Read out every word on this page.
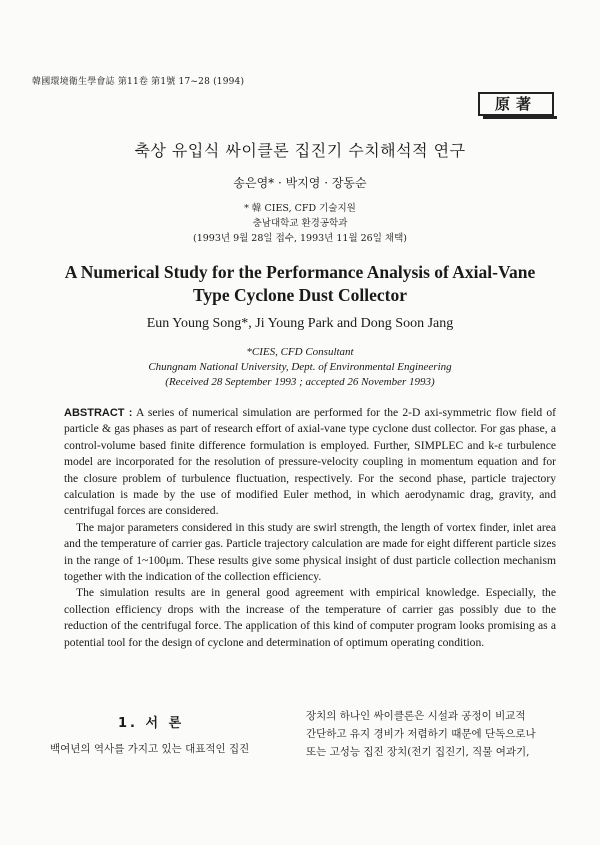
韓國環境衛生學會誌 第11卷 第1號 17~28 (1994)
原著
축상 유입식 싸이클론 집진기 수치해석적 연구
송은영* · 박지영 · 장동순
* 韓 CIES, CFD 기술지원
충남대학교 환경공학과
(1993년 9월 28일 접수, 1993년 11월 26일 채택)
A Numerical Study for the Performance Analysis of Axial-Vane
Type Cyclone Dust Collector
Eun Young Song*, Ji Young Park and Dong Soon Jang
*CIES, CFD Consultant
Chungnam National University, Dept. of Environmental Engineering
(Received 28 September 1993 ; accepted 26 November 1993)

ABSTRACT : A series of numerical simulation are performed for the 2-D axi-symmetric flow field of particle & gas phases as part of research effort of axial-vane type cyclone dust collector. For gas phase, a control-volume based finite difference formulation is employed. Further, SIMPLEC and k-ε turbulence model are incorporated for the resolution of pressure-velocity coupling in momentum equation and for the closure problem of turbulence fluctuation, respectively. For the second phase, particle trajectory calculation is made by the use of modified Euler method, in which aerodynamic drag, gravity, and centrifugal forces are considered.

The major parameters considered in this study are swirl strength, the length of vortex finder, inlet area and the temperature of carrier gas. Particle trajectory calculation are made for eight different particle sizes in the range of 1~100μm. These results give some physical insight of dust particle collection mechanism together with the indication of the collection efficiency.

The simulation results are in general good agreement with empirical knowledge. Especially, the collection efficiency drops with the increase of the temperature of carrier gas possibly due to the reduction of the centrifugal force. The application of this kind of computer program looks promising as a potential tool for the design of cyclone and determination of optimum operating condition.

1. 서 론
백여년의 역사를 가지고 있는 대표적인 집진
장치의 하나인 싸이클론은 시설과 공정이 비교적
간단하고 유지 경비가 저렴하기 때문에 단독으로나
또는 고성능 집진 장치(전기 집진기, 직물 여과기,
